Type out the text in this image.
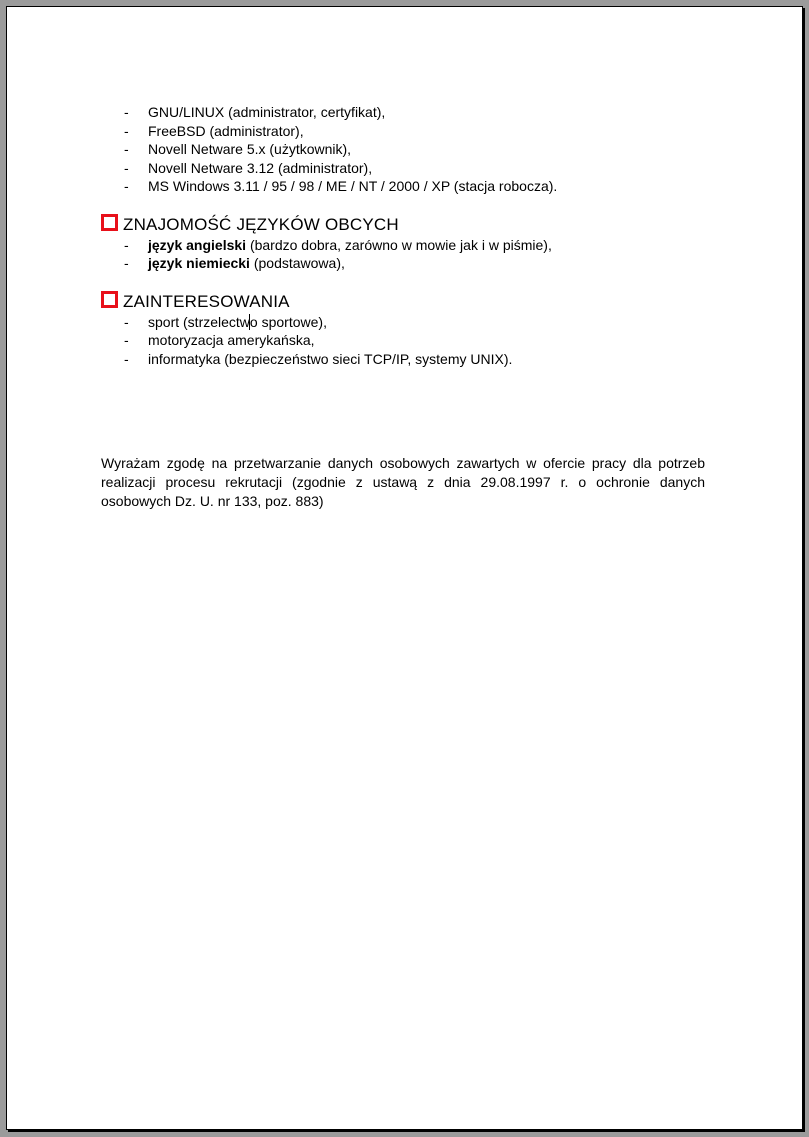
- GNU/LINUX (administrator, certyfikat),
- FreeBSD (administrator),
- Novell Netware 5.x (użytkownik),
- Novell Netware 3.12 (administrator),
- MS Windows 3.11 / 95 / 98 / ME / NT / 2000 / XP (stacja robocza).
ZNAJOMOŚĆ JĘZYKÓW OBCYCH
- język angielski (bardzo dobra, zarówno w mowie jak i w piśmie),
- język niemiecki (podstawowa),
ZAINTERESOWANIA
- sport (strzelectwo sportowe),
- motoryzacja amerykańska,
- informatyka (bezpieczeństwo sieci TCP/IP, systemy UNIX).

Wyrażam zgodę na przetwarzanie danych osobowych zawartych w ofercie pracy dla potrzeb realizacji procesu rekrutacji (zgodnie z ustawą z dnia 29.08.1997 r. o ochronie danych osobowych Dz. U. nr 133, poz. 883)
